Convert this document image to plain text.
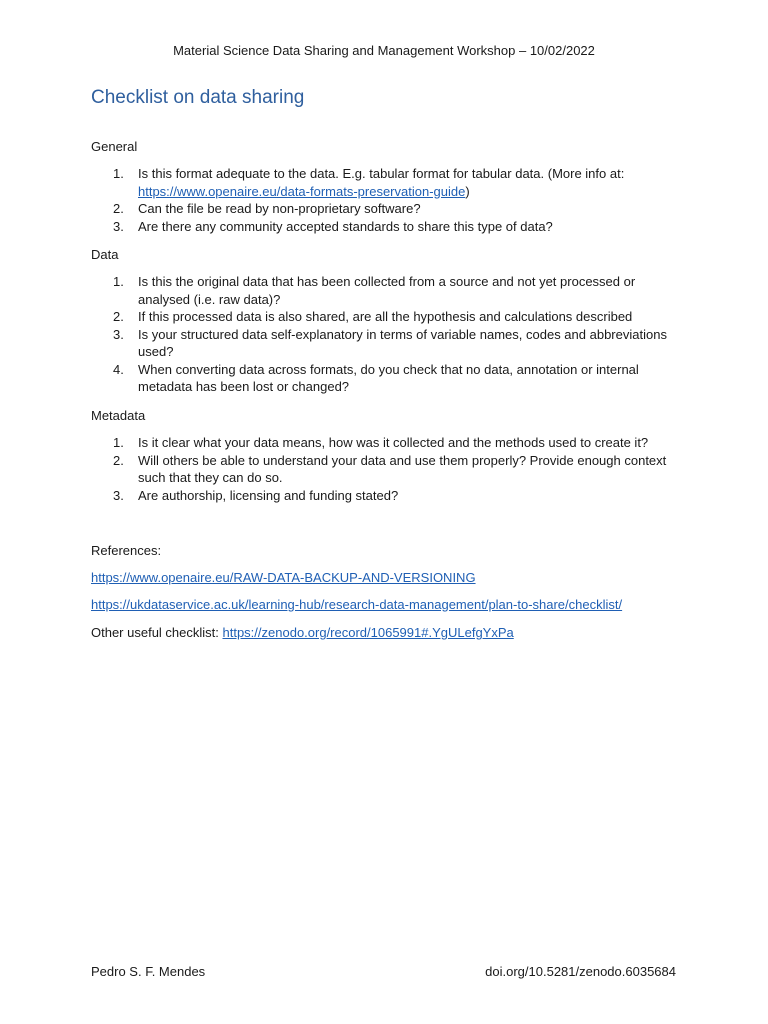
Material Science Data Sharing and Management Workshop – 10/02/2022
Checklist on data sharing
General
1. Is this format adequate to the data. E.g. tabular format for tabular data. (More info at: https://www.openaire.eu/data-formats-preservation-guide)
2. Can the file be read by non-proprietary software?
3. Are there any community accepted standards to share this type of data?
Data
1. Is this the original data that has been collected from a source and not yet processed or analysed (i.e. raw data)?
2. If this processed data is also shared, are all the hypothesis and calculations described
3. Is your structured data self-explanatory in terms of variable names, codes and abbreviations used?
4. When converting data across formats, do you check that no data, annotation or internal metadata has been lost or changed?
Metadata
1. Is it clear what your data means, how was it collected and the methods used to create it?
2. Will others be able to understand your data and use them properly? Provide enough context such that they can do so.
3. Are authorship, licensing and funding stated?
References:
https://www.openaire.eu/RAW-DATA-BACKUP-AND-VERSIONING
https://ukdataservice.ac.uk/learning-hub/research-data-management/plan-to-share/checklist/
Other useful checklist: https://zenodo.org/record/1065991#.YgULefgYxPa
Pedro S. F. Mendes	doi.org/10.5281/zenodo.6035684
